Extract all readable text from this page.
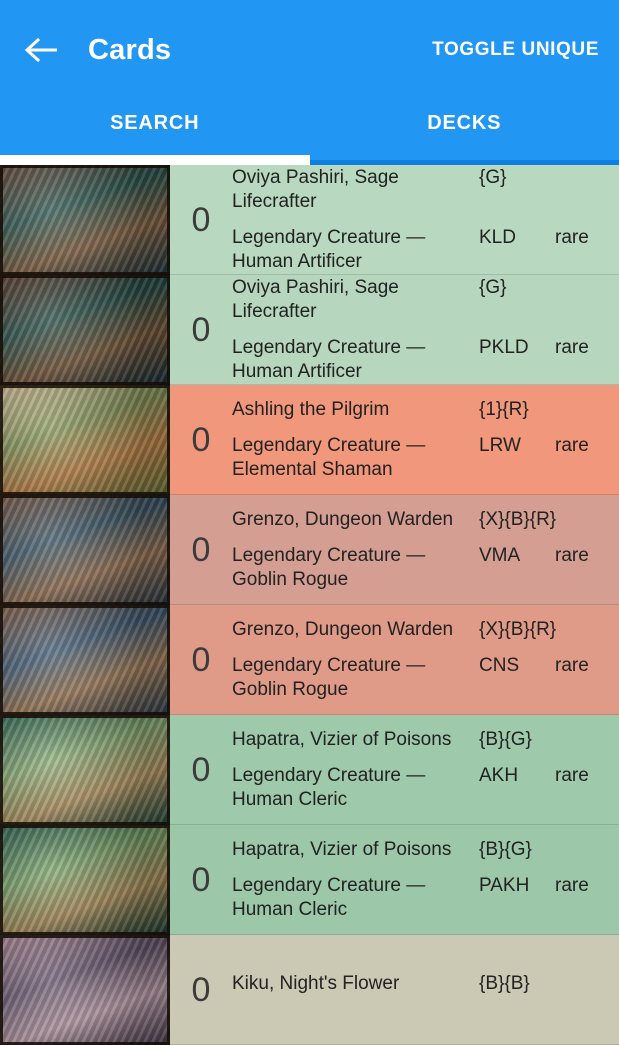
Cards	TOGGLE UNIQUE
SEARCH	DECKS
0
Oviya Pashiri, Sage Lifecrafter
{G}
Legendary Creature — Human Artificer
KLD	rare
0
Oviya Pashiri, Sage Lifecrafter
{G}
Legendary Creature — Human Artificer
PKLD	rare
0
Ashling the Pilgrim	{1}{R}
Legendary Creature — Elemental Shaman
LRW	rare
0
Grenzo, Dungeon Warden	{X}{B}{R}
Legendary Creature — Goblin Rogue
VMA	rare
0
Grenzo, Dungeon Warden	{X}{B}{R}
Legendary Creature — Goblin Rogue
CNS	rare
0
Hapatra, Vizier of Poisons	{B}{G}
Legendary Creature — Human Cleric
AKH	rare
0
Hapatra, Vizier of Poisons	{B}{G}
Legendary Creature — Human Cleric
PAKH	rare
0	Kiku, Night's Flower	{B}{B}
